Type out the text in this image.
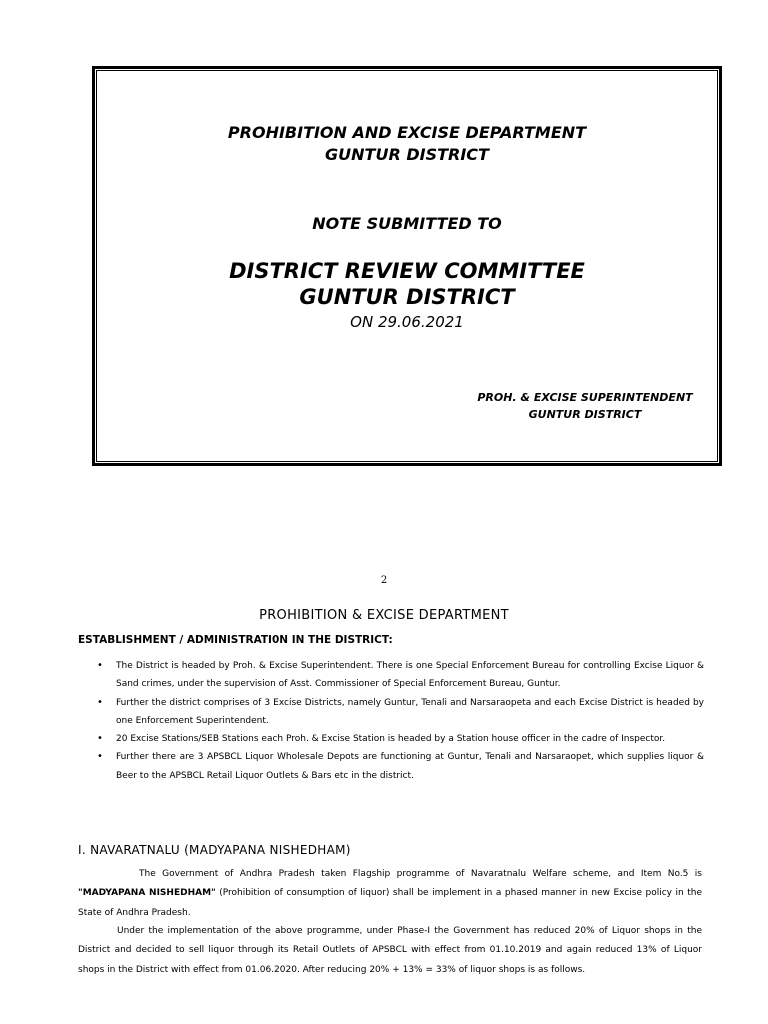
PROHIBITION AND EXCISE DEPARTMENT
GUNTUR DISTRICT
NOTE SUBMITTED TO
DISTRICT REVIEW COMMITTEE
GUNTUR DISTRICT
ON 29.06.2021
PROH. & EXCISE SUPERINTENDENT
GUNTUR DISTRICT
2
PROHIBITION & EXCISE DEPARTMENT
ESTABLISHMENT / ADMINISTRATI0N IN THE DISTRICT:
• The District is headed by Proh. & Excise Superintendent. There is one Special Enforcement Bureau for controlling Excise Liquor & Sand crimes, under the supervision of Asst. Commissioner of Special Enforcement Bureau, Guntur.
• Further the district comprises of 3 Excise Districts, namely Guntur, Tenali and Narsaraopeta and each Excise District is headed by one Enforcement Superintendent.
• 20 Excise Stations/SEB Stations each Proh. & Excise Station is headed by a Station house officer in the cadre of Inspector.
• Further there are 3 APSBCL Liquor Wholesale Depots are functioning at Guntur, Tenali and Narsaraopet, which supplies liquor & Beer to the APSBCL Retail Liquor Outlets & Bars etc in the district.
I. NAVARATNALU (MADYAPANA NISHEDHAM)

The Government of Andhra Pradesh taken Flagship programme of Navaratnalu Welfare scheme, and Item No.5 is "MADYAPANA NISHEDHAM" (Prohibition of consumption of liquor) shall be implement in a phased manner in new Excise policy in the State of Andhra Pradesh.

Under the implementation of the above programme, under Phase-I the Government has reduced 20% of Liquor shops in the District and decided to sell liquor through its Retail Outlets of APSBCL with effect from 01.10.2019 and again reduced 13% of Liquor shops in the District with effect from 01.06.2020. After reducing 20% + 13% = 33% of liquor shops is as follows.
